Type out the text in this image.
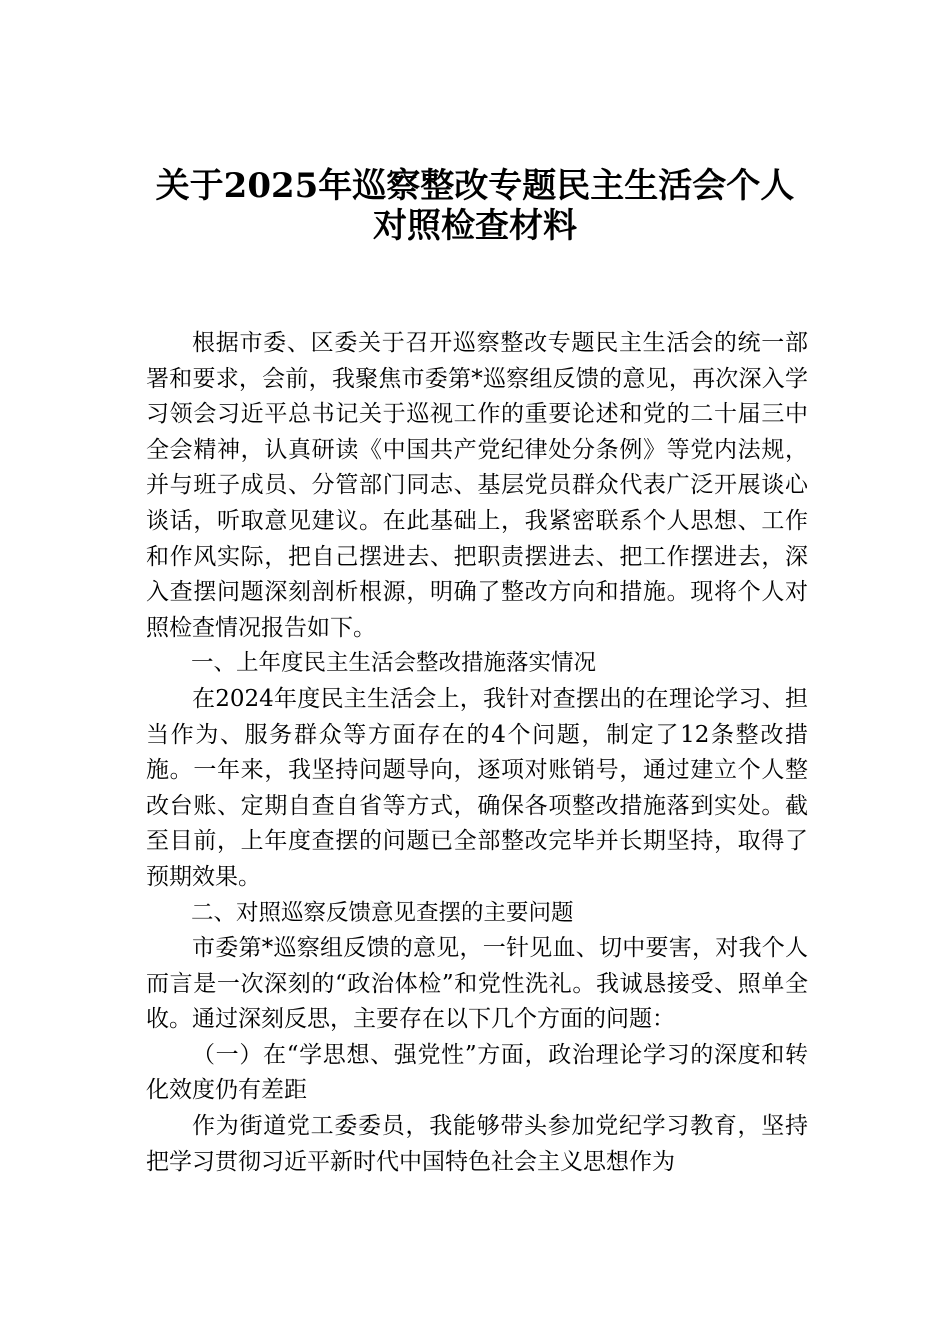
关于2025年巡察整改专题民主生活会个人
对照检查材料

根据市委、区委关于召开巡察整改专题民主生活会的统一部署和要求，会前，我聚焦市委第*巡察组反馈的意见，再次深入学习领会习近平总书记关于巡视工作的重要论述和党的二十届三中全会精神，认真研读《中国共产党纪律处分条例》等党内法规，并与班子成员、分管部门同志、基层党员群众代表广泛开展谈心谈话，听取意见建议。在此基础上，我紧密联系个人思想、工作和作风实际，把自己摆进去、把职责摆进去、把工作摆进去，深入查摆问题深刻剖析根源，明确了整改方向和措施。现将个人对照检查情况报告如下。

一、上年度民主生活会整改措施落实情况

在2024年度民主生活会上，我针对查摆出的在理论学习、担当作为、服务群众等方面存在的4个问题，制定了12条整改措施。一年来，我坚持问题导向，逐项对账销号，通过建立个人整改台账、定期自查自省等方式，确保各项整改措施落到实处。截至目前，上年度查摆的问题已全部整改完毕并长期坚持，取得了预期效果。

二、对照巡察反馈意见查摆的主要问题

市委第*巡察组反馈的意见，一针见血、切中要害，对我个人而言是一次深刻的“政治体检”和党性洗礼。我诚恳接受、照单全收。通过深刻反思，主要存在以下几个方面的问题：

（一）在“学思想、强党性”方面，政治理论学习的深度和转化效度仍有差距

作为街道党工委委员，我能够带头参加党纪学习教育，坚持把学习贯彻习近平新时代中国特色社会主义思想作为
